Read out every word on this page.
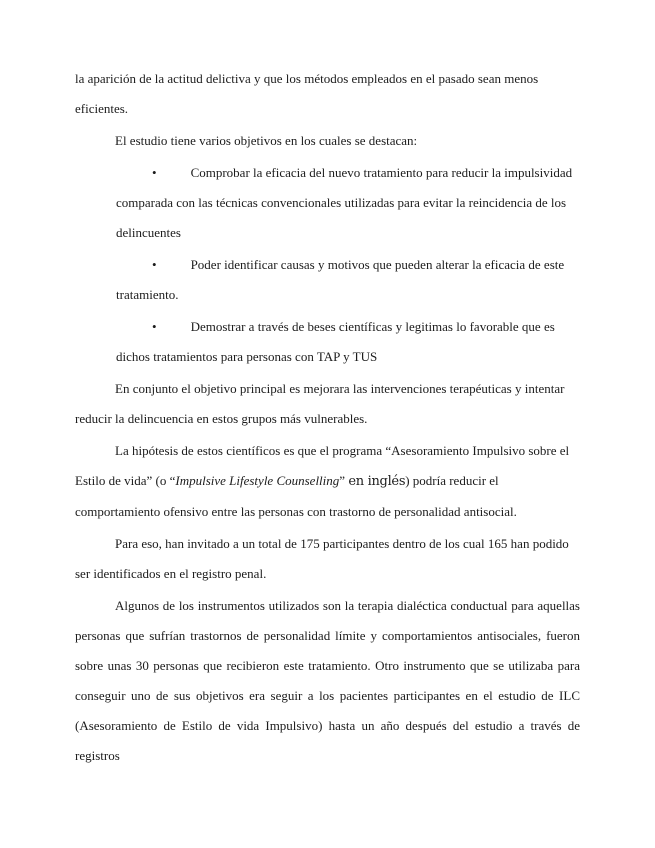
la aparición de la actitud delictiva y que los métodos empleados en el pasado sean menos eficientes.

El estudio tiene varios objetivos en los cuales se destacan:

•	Comprobar la eficacia del nuevo tratamiento para reducir la impulsividad comparada con las técnicas convencionales utilizadas para evitar la reincidencia de los delincuentes

•	Poder identificar causas y motivos que pueden alterar la eficacia de este tratamiento.

•	Demostrar a través de beses científicas y legitimas lo favorable que es dichos tratamientos para personas con TAP y TUS

En conjunto el objetivo principal es mejorara las intervenciones terapéuticas y intentar reducir la delincuencia en estos grupos más vulnerables.

La hipótesis de estos científicos es que el programa “Asesoramiento Impulsivo sobre el Estilo de vida” (o “Impulsive Lifestyle Counselling” en inglés) podría reducir el comportamiento ofensivo entre las personas con trastorno de personalidad antisocial.

Para eso, han invitado a un total de 175 participantes dentro de los cual 165 han podido ser identificados en el registro penal.

Algunos de los instrumentos utilizados son la terapia dialéctica conductual para aquellas personas que sufrían trastornos de personalidad límite y comportamientos antisociales, fueron sobre unas 30 personas que recibieron este tratamiento. Otro instrumento que se utilizaba para conseguir uno de sus objetivos era seguir a los pacientes participantes en el estudio de ILC (Asesoramiento de Estilo de vida Impulsivo) hasta un año después del estudio a través de registros
